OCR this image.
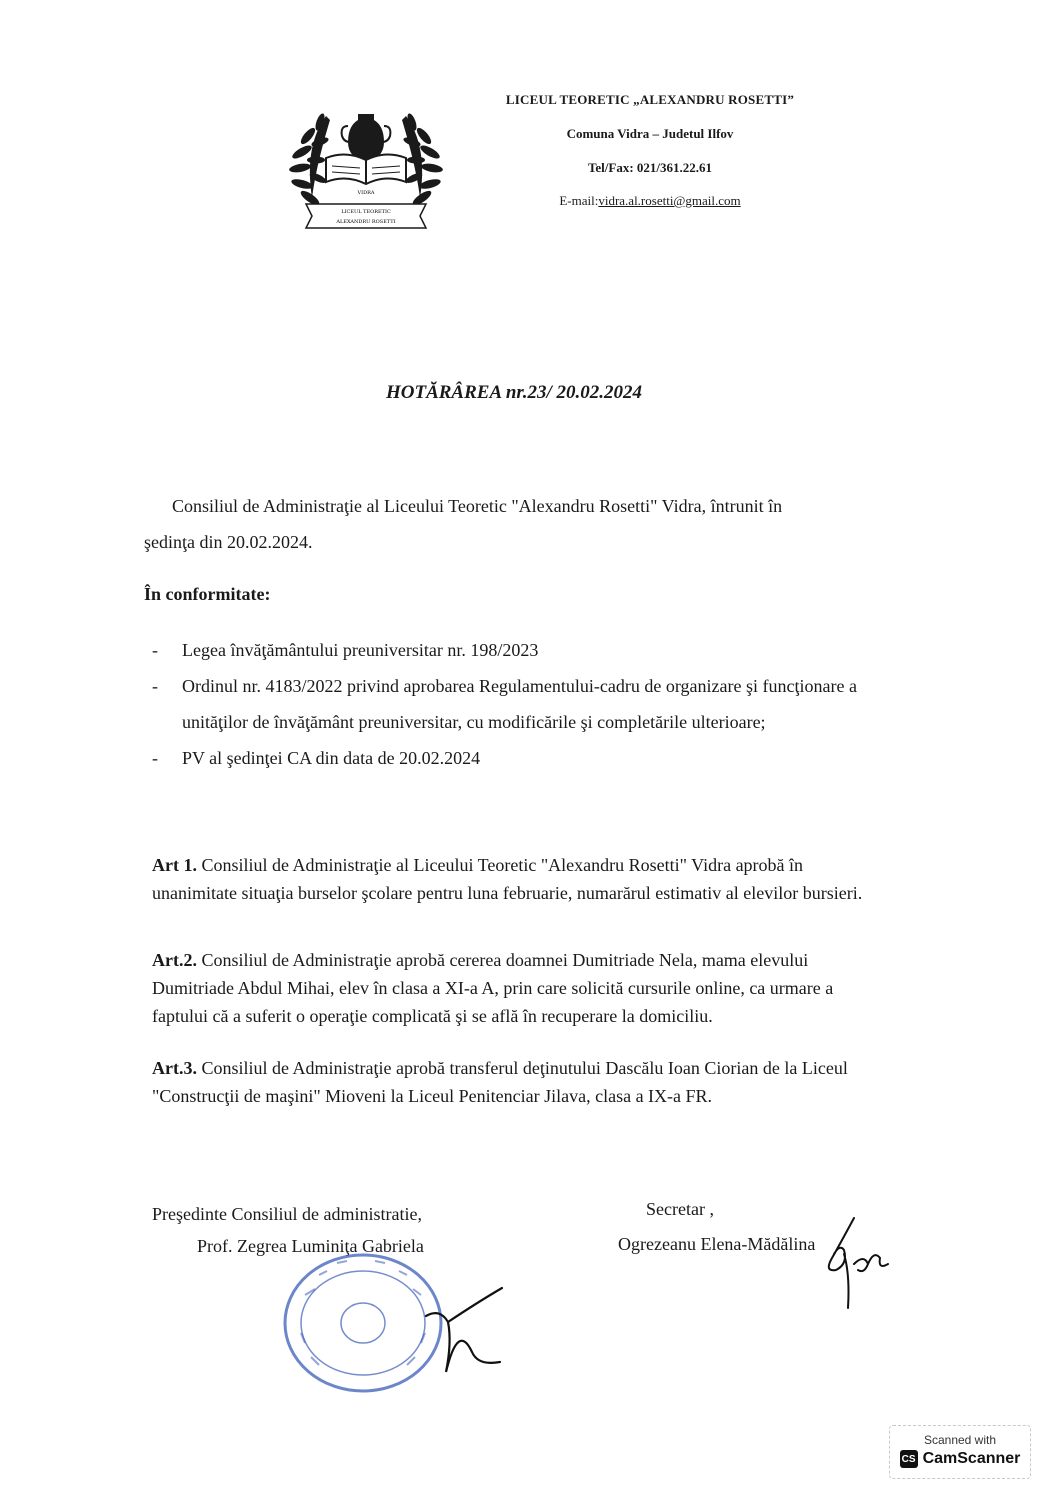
VIDRA
LICEUL TEORETIC
ALEXANDRU ROSETTI
LICEUL TEORETIC „ALEXANDRU ROSETTI”
Comuna Vidra – Judetul Ilfov
Tel/Fax: 021/361.22.61
E-mail:vidra.al.rosetti@gmail.com
HOTĂRÂREA nr.23/ 20.02.2024
Consiliul de Administraţie al Liceului Teoretic "Alexandru Rosetti" Vidra, întrunit în
şedinţa din 20.02.2024.
În conformitate:
- Legea învăţământului preuniversitar nr. 198/2023
- Ordinul nr. 4183/2022 privind aprobarea Regulamentului-cadru de organizare şi funcţionare a unităţilor de învăţământ preuniversitar, cu modificările şi completările ulterioare;
- PV al şedinţei CA din data de 20.02.2024
Art 1. Consiliul de Administraţie al Liceului Teoretic "Alexandru Rosetti" Vidra aprobă în unanimitate situaţia burselor şcolare pentru luna februarie, numarărul estimativ al elevilor bursieri.
Art.2. Consiliul de Administraţie aprobă cererea doamnei Dumitriade Nela, mama elevului Dumitriade Abdul Mihai, elev în clasa a XI-a A, prin care solicită cursurile online, ca urmare a faptului că a suferit o operaţie complicată şi se află în recuperare la domiciliu.
Art.3. Consiliul de Administraţie aprobă transferul deţinutului Dascălu Ioan Ciorian de la Liceul "Construcţii de maşini" Mioveni la Liceul Penitenciar Jilava, clasa a IX-a FR.
Preşedinte Consiliul de administratie,
Prof. Zegrea Luminiţa Gabriela
Secretar ,
Ogrezeanu Elena-Mădălina
Scanned with
CS CamScanner
